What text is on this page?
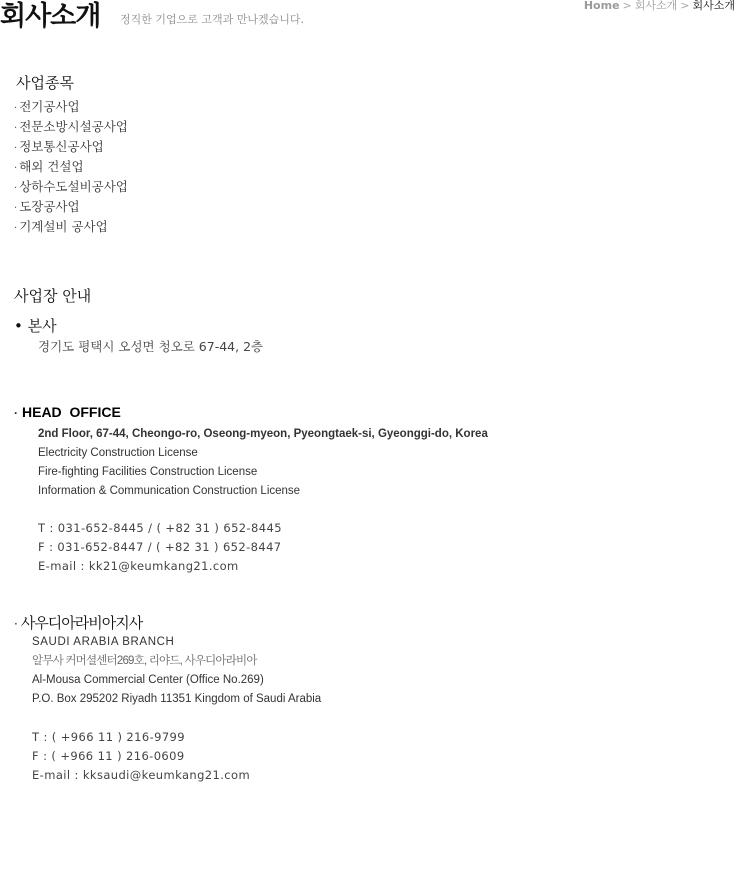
회사소개 정직한 기업으로 고객과 만나겠습니다.
Home > 회사소개 > 회사소개
사업종목
· 전기공사업
· 전문소방시설공사업
· 정보통신공사업
· 해외 건설업
· 상하수도설비공사업
· 도장공사업
· 기계설비 공사업
사업장 안내
• 본사
경기도 평택시 오성면 청오로 67-44, 2층
· HEAD  OFFICE
2nd Floor, 67-44, Cheongo-ro, Oseong-myeon, Pyeongtaek-si, Gyeonggi-do, Korea
Electricity Construction License
Fire-fighting Facilities Construction License
Information & Communication Construction License
T : 031-652-8445 / ( +82 31 ) 652-8445
F : 031-652-8447 / ( +82 31 ) 652-8447
E-mail : kk21@keumkang21.com
· 사우디아라비아지사
SAUDI ARABIA BRANCH
알무사 커머셜센터269호, 리야드, 사우디아라비아
Al-Mousa Commercial Center (Office No.269)
P.O. Box 295202 Riyadh 11351 Kingdom of Saudi Arabia
T : ( +966 11 ) 216-9799
F : ( +966 11 ) 216-0609
E-mail : kksaudi@keumkang21.com
